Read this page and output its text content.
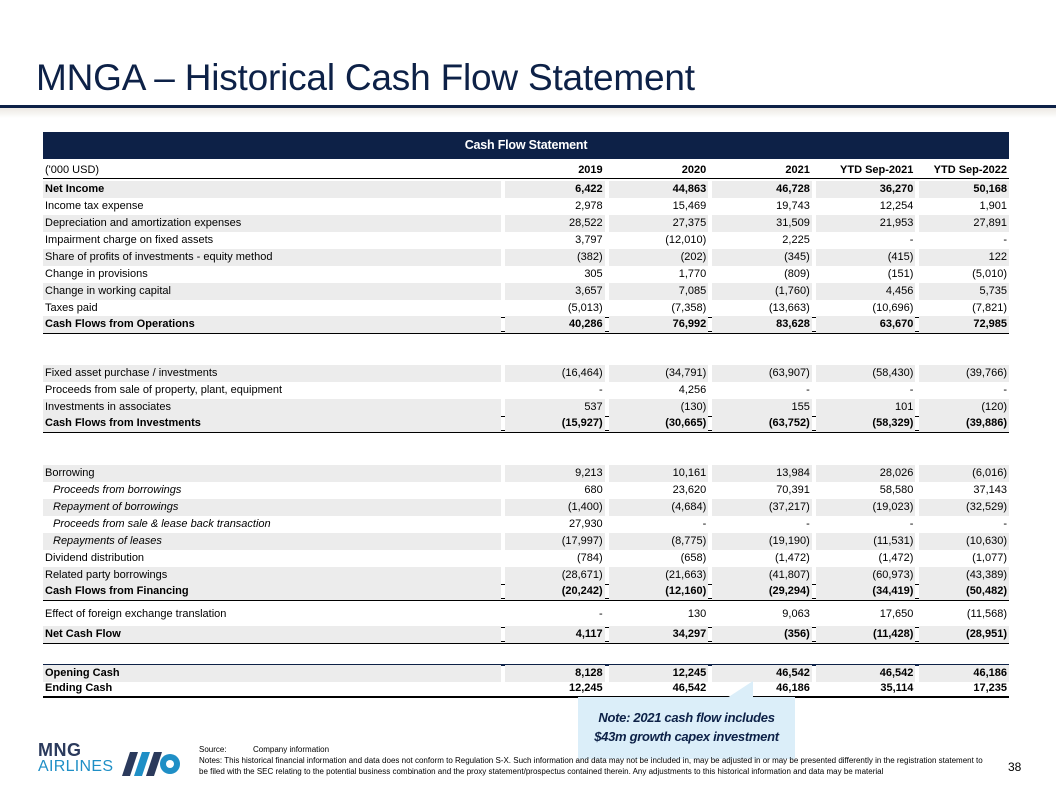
MNGA – Historical Cash Flow Statement
Cash Flow Statement
('000 USD)	2019	2020	2021	YTD Sep-2021	YTD Sep-2022
Net Income	6,422	44,863	46,728	36,270	50,168
Income tax expense	2,978	15,469	19,743	12,254	1,901
Depreciation and amortization expenses	28,522	27,375	31,509	21,953	27,891
Impairment charge on fixed assets	3,797	(12,010)	2,225	-	-
Share of profits of investments - equity method	(382)	(202)	(345)	(415)	122
Change in provisions	305	1,770	(809)	(151)	(5,010)
Change in working capital	3,657	7,085	(1,760)	4,456	5,735
Taxes paid	(5,013)	(7,358)	(13,663)	(10,696)	(7,821)
Cash Flows from Operations	40,286	76,992	83,628	63,670	72,985
Fixed asset purchase / investments	(16,464)	(34,791)	(63,907)	(58,430)	(39,766)
Proceeds from sale of property, plant, equipment	-	4,256	-	-	-
Investments in associates	537	(130)	155	101	(120)
Cash Flows from Investments	(15,927)	(30,665)	(63,752)	(58,329)	(39,886)
Borrowing	9,213	10,161	13,984	28,026	(6,016)
Proceeds from borrowings	680	23,620	70,391	58,580	37,143
Repayment of borrowings	(1,400)	(4,684)	(37,217)	(19,023)	(32,529)
Proceeds from sale & lease back transaction	27,930	-	-	-	-
Repayments of leases	(17,997)	(8,775)	(19,190)	(11,531)	(10,630)
Dividend distribution	(784)	(658)	(1,472)	(1,472)	(1,077)
Related party borrowings	(28,671)	(21,663)	(41,807)	(60,973)	(43,389)
Cash Flows from Financing	(20,242)	(12,160)	(29,294)	(34,419)	(50,482)
Effect of foreign exchange translation	-	130	9,063	17,650	(11,568)
Net Cash Flow	4,117	34,297	(356)	(11,428)	(28,951)
Opening Cash	8,128	12,245	46,542	46,542	46,186
Ending Cash	12,245	46,542	46,186	35,114	17,235
Note: 2021 cash flow includes
$43m growth capex investment
MNG
AIRLINES
Source:	Company information
Notes: This historical financial information and data does not conform to Regulation S-X. Such information and data may not be included in, may be adjusted in or may be presented differently in the registration statement to be filed with the SEC relating to the potential business combination and the proxy statement/prospectus contained therein. Any adjustments to this historical information and data may be material	38
